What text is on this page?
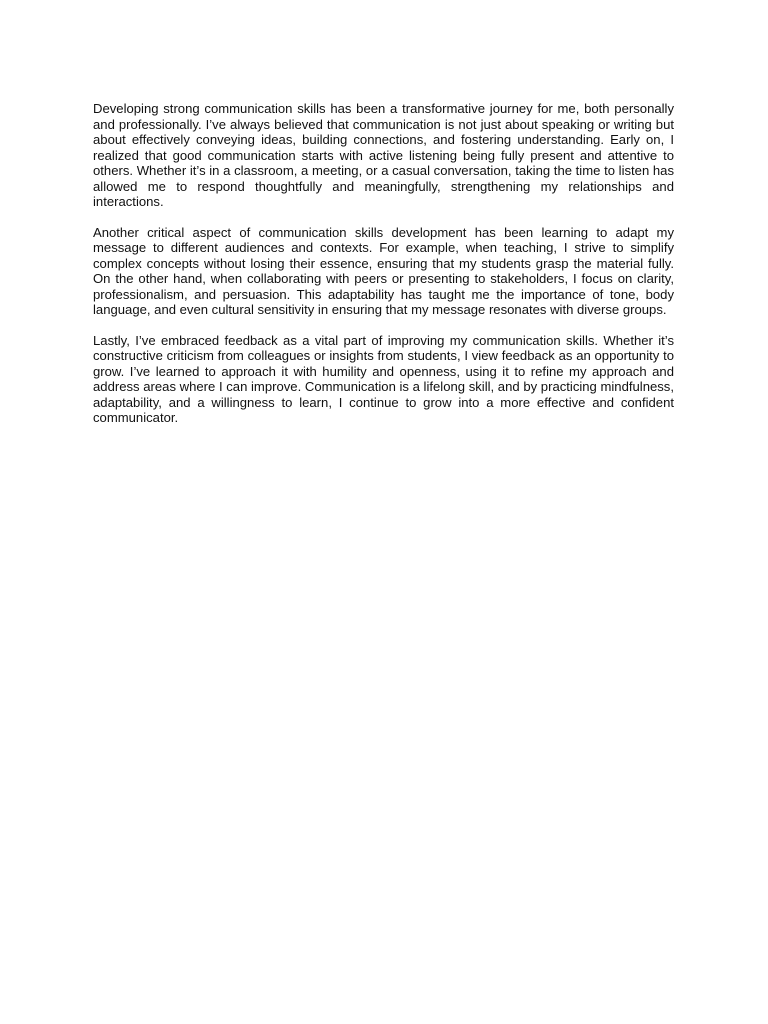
Developing strong communication skills has been a transformative journey for me, both personally and professionally. I’ve always believed that communication is not just about speaking or writing but about effectively conveying ideas, building connections, and fostering understanding. Early on, I realized that good communication starts with active listening being fully present and attentive to others. Whether it’s in a classroom, a meeting, or a casual conversation, taking the time to listen has allowed me to respond thoughtfully and meaningfully, strengthening my relationships and interactions.

Another critical aspect of communication skills development has been learning to adapt my message to different audiences and contexts. For example, when teaching, I strive to simplify complex concepts without losing their essence, ensuring that my students grasp the material fully. On the other hand, when collaborating with peers or presenting to stakeholders, I focus on clarity, professionalism, and persuasion. This adaptability has taught me the importance of tone, body language, and even cultural sensitivity in ensuring that my message resonates with diverse groups.

Lastly, I’ve embraced feedback as a vital part of improving my communication skills. Whether it’s constructive criticism from colleagues or insights from students, I view feedback as an opportunity to grow. I’ve learned to approach it with humility and openness, using it to refine my approach and address areas where I can improve. Communication is a lifelong skill, and by practicing mindfulness, adaptability, and a willingness to learn, I continue to grow into a more effective and confident communicator.
